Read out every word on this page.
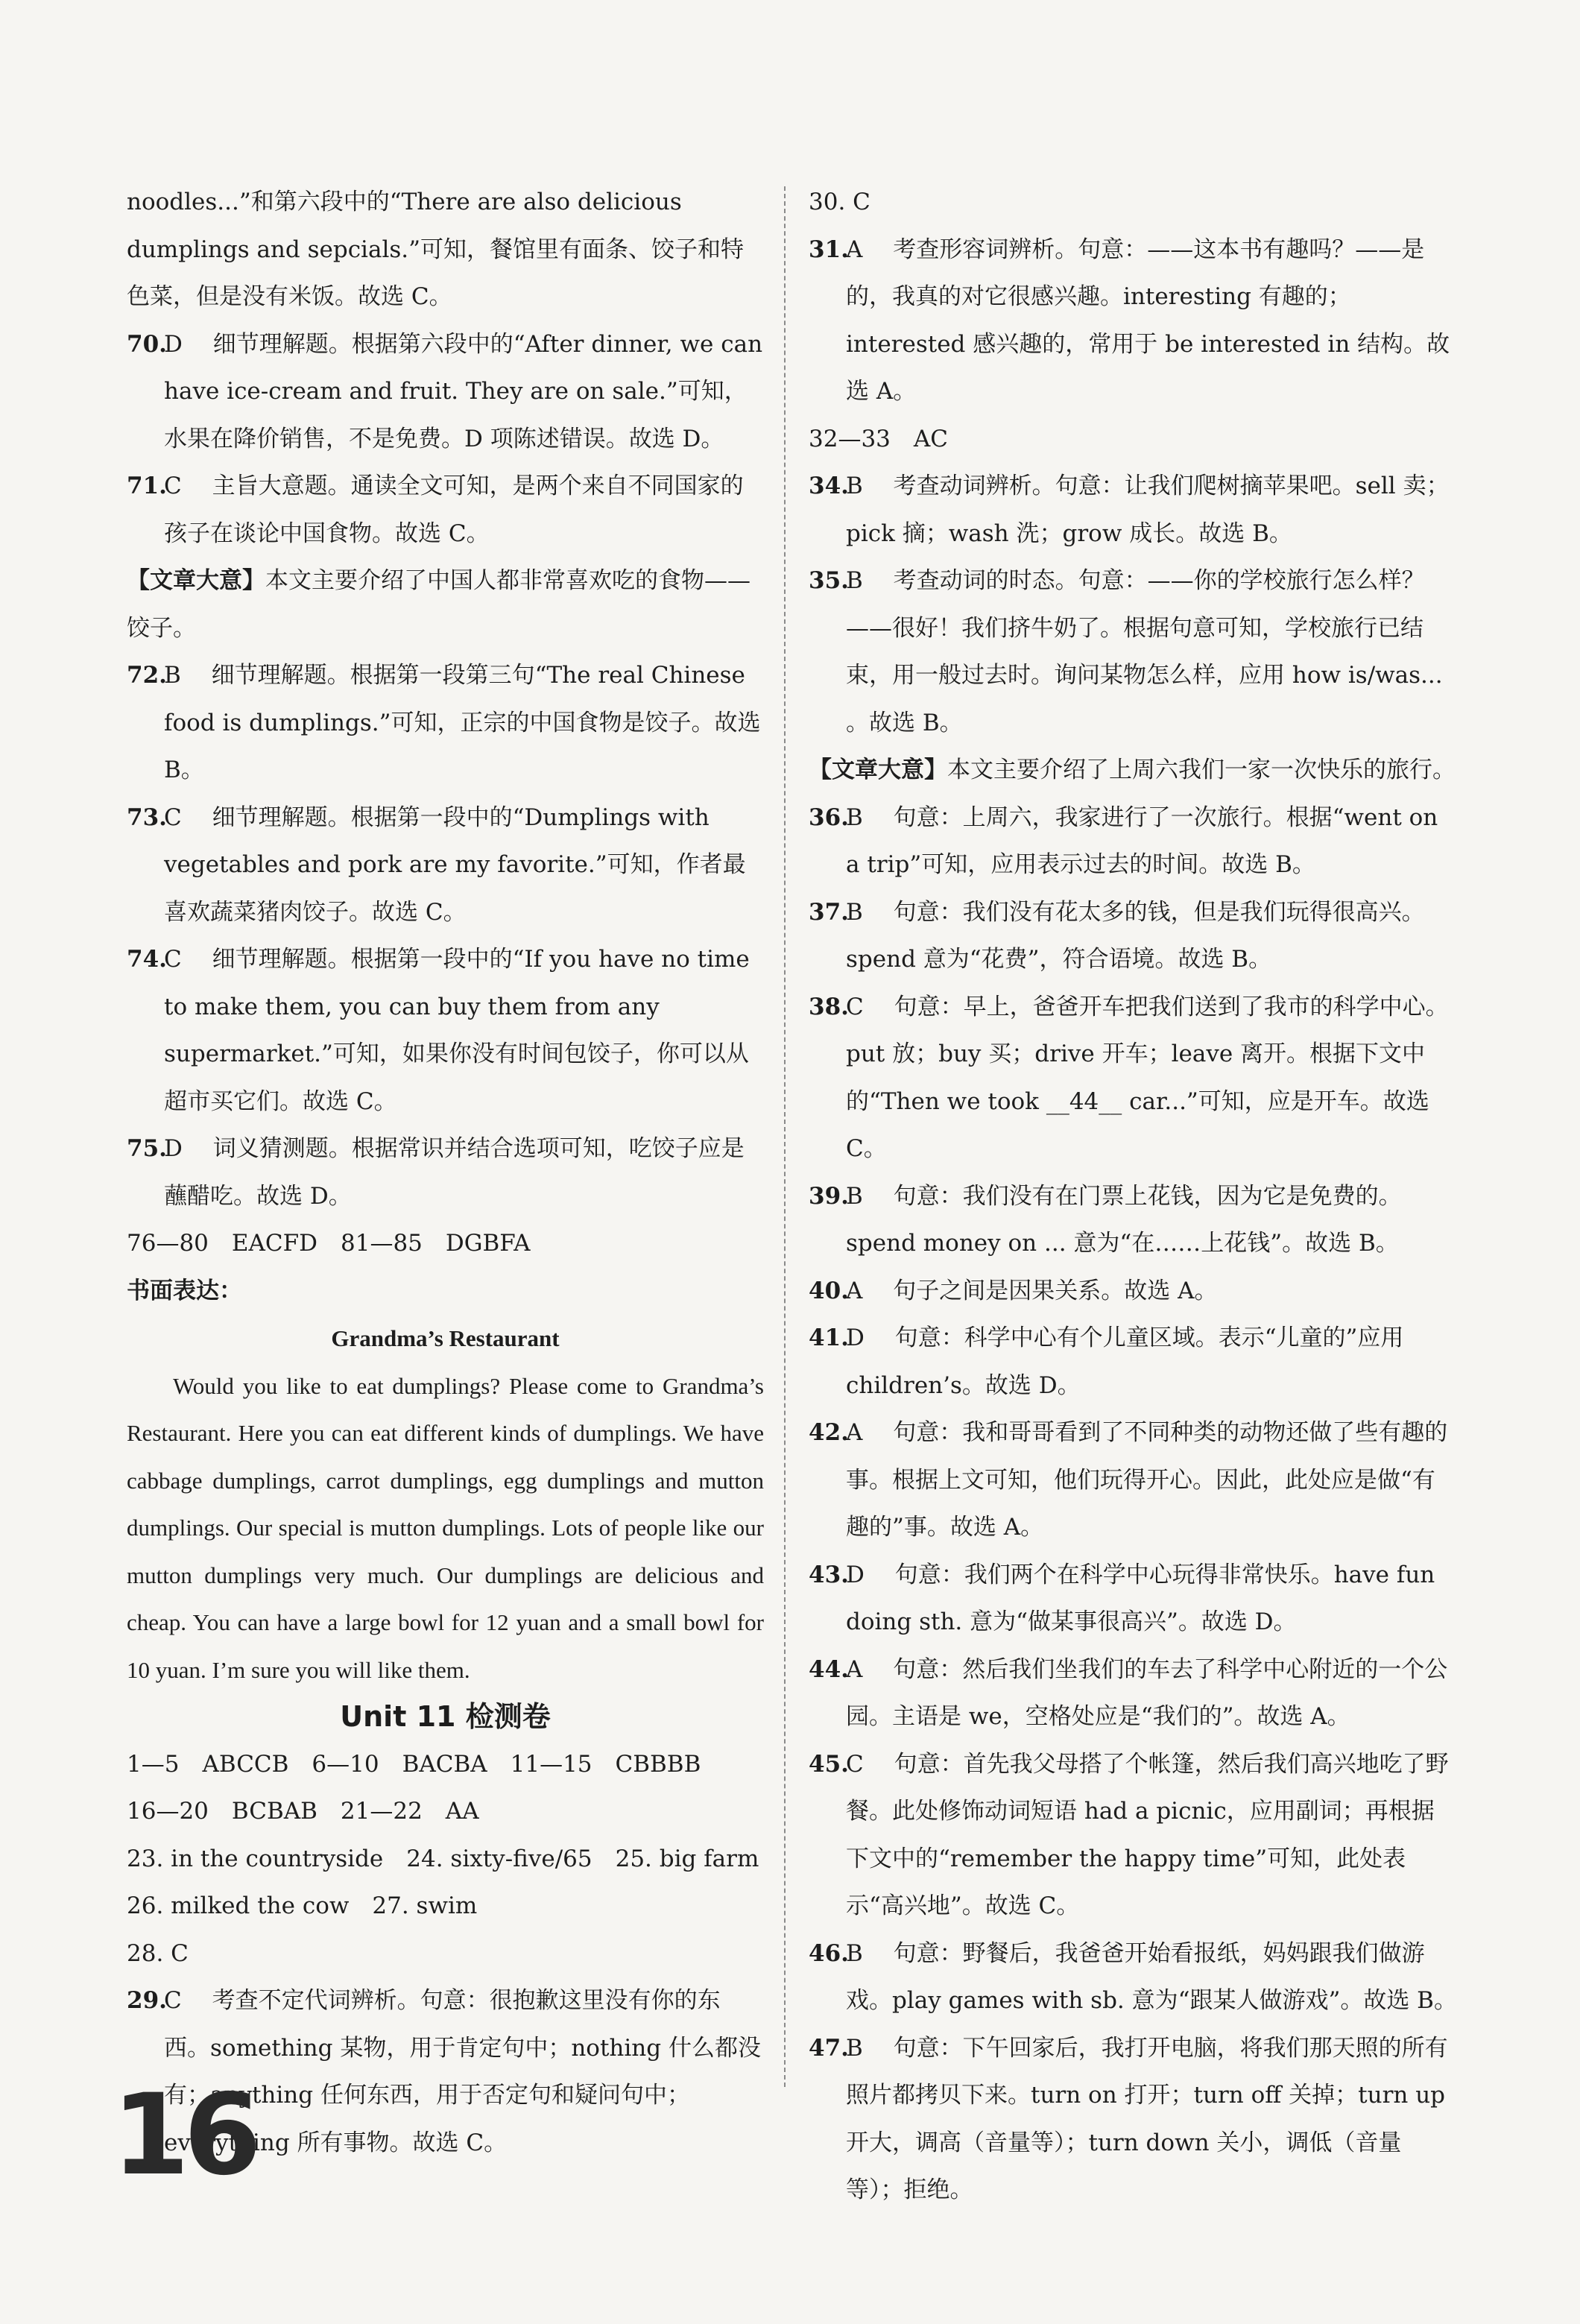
noodles...”和第六段中的“There are also delicious dumplings and sepcials.”可知，餐馆里有面条、饺子和特色菜，但是没有米饭。故选 C。
70.
D 　细节理解题。根据第六段中的“After dinner, we can have ice-cream and fruit. They are on sale.”可知，水果在降价销售，不是免费。D 项陈述错误。故选 D。
71.
C 　主旨大意题。通读全文可知，是两个来自不同国家的孩子在谈论中国食物。故选 C。
【文章大意】本文主要介绍了中国人都非常喜欢吃的食物——饺子。
72.
B 　细节理解题。根据第一段第三句“The real Chinese food is dumplings.”可知，正宗的中国食物是饺子。故选 B。
73.
C 　细节理解题。根据第一段中的“Dumplings with vegetables and pork are my favorite.”可知，作者最喜欢蔬菜猪肉饺子。故选 C。
74.
C 　细节理解题。根据第一段中的“If you have no time to make them, you can buy them from any supermarket.”可知，如果你没有时间包饺子，你可以从超市买它们。故选 C。
75.
D 　词义猜测题。根据常识并结合选项可知，吃饺子应是蘸醋吃。故选 D。
76—80　EACFD　81—85　DGBFA
书面表达：
Grandma’s Restaurant
Would you like to eat dumplings? Please come to Grandma’s Restaurant. Here you can eat different kinds of dumplings. We have cabbage dumplings, carrot dumplings, egg dumplings and mutton dumplings. Our special is mutton dumplings. Lots of people like our mutton dumplings very much. Our dumplings are delicious and cheap. You can have a large bowl for 12 yuan and a small bowl for 10 yuan. I’m sure you will like them.
Unit 11 检测卷
1—5　ABCCB　6—10　BACBA　11—15　CBBBB
16—20　BCBAB　21—22　AA
23. in the countryside　24. sixty-five/65　25. big farm
26. milked the cow　27. swim
28. C
29.
C 　考查不定代词辨析。句意：很抱歉这里没有你的东西。something 某物，用于肯定句中；nothing 什么都没有；anything 任何东西，用于否定句和疑问句中；everything 所有事物。故选 C。
30. C
31.
A 　考查形容词辨析。句意：——这本书有趣吗？——是的，我真的对它很感兴趣。interesting 有趣的；interested 感兴趣的，常用于 be interested in 结构。故选 A。
32—33　AC
34.
B 　考查动词辨析。句意：让我们爬树摘苹果吧。sell 卖；pick 摘；wash 洗；grow 成长。故选 B。
35.
B 　考查动词的时态。句意：——你的学校旅行怎么样？——很好！我们挤牛奶了。根据句意可知，学校旅行已结束，用一般过去时。询问某物怎么样，应用 how is/was... 。故选 B。
【文章大意】本文主要介绍了上周六我们一家一次快乐的旅行。
36.
B 　句意：上周六，我家进行了一次旅行。根据“went on a trip”可知，应用表示过去的时间。故选 B。
37.
B 　句意：我们没有花太多的钱，但是我们玩得很高兴。spend 意为“花费”，符合语境。故选 B。
38.
C 　句意：早上，爸爸开车把我们送到了我市的科学中心。put 放；buy 买；drive 开车；leave 离开。根据下文中的“Then we took __44__ car...”可知，应是开车。故选 C。
39.
B 　句意：我们没有在门票上花钱，因为它是免费的。spend money on ... 意为“在……上花钱”。故选 B。
40.
A 　句子之间是因果关系。故选 A。
41.
D 　句意：科学中心有个儿童区域。表示“儿童的”应用 children’s。故选 D。
42.
A 　句意：我和哥哥看到了不同种类的动物还做了些有趣的事。根据上文可知，他们玩得开心。因此，此处应是做“有趣的”事。故选 A。
43.
D 　句意：我们两个在科学中心玩得非常快乐。have fun doing sth. 意为“做某事很高兴”。故选 D。
44.
A 　句意：然后我们坐我们的车去了科学中心附近的一个公园。主语是 we，空格处应是“我们的”。故选 A。
45.
C 　句意：首先我父母搭了个帐篷，然后我们高兴地吃了野餐。此处修饰动词短语 had a picnic，应用副词；再根据下文中的“remember the happy time”可知，此处表示“高兴地”。故选 C。
46.
B 　句意：野餐后，我爸爸开始看报纸，妈妈跟我们做游戏。play games with sb. 意为“跟某人做游戏”。故选 B。
47.
B 　句意：下午回家后，我打开电脑，将我们那天照的所有照片都拷贝下来。turn on 打开；turn off 关掉；turn up 开大，调高（音量等）；turn down 关小，调低（音量等）；拒绝。
16
